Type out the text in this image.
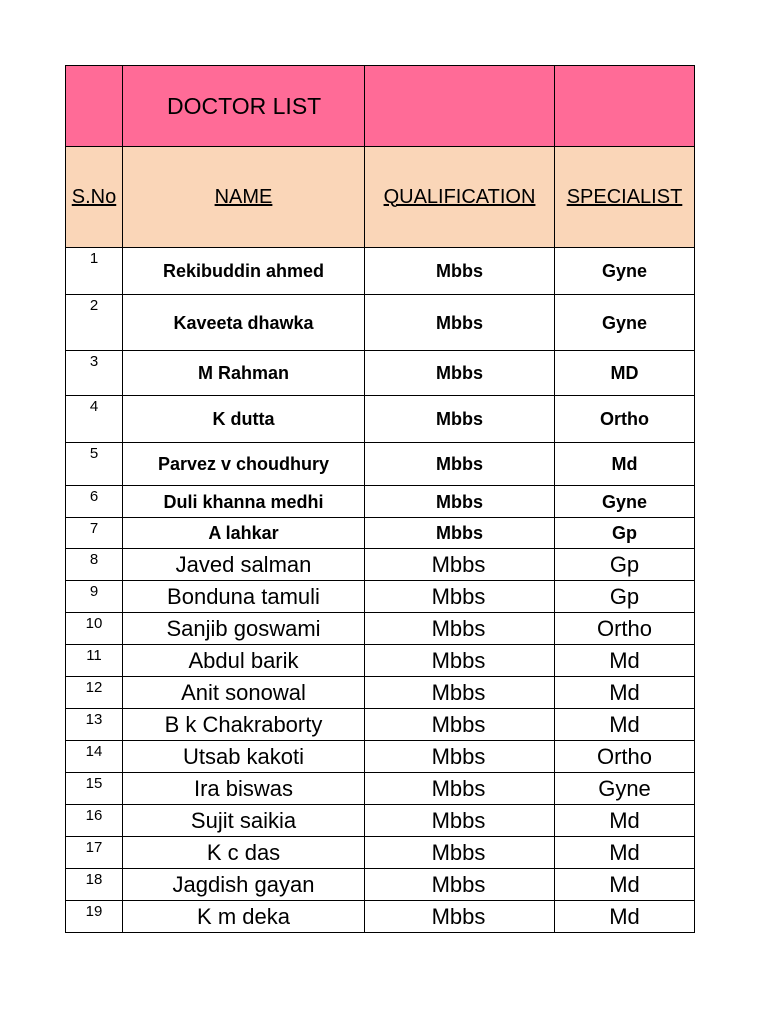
	DOCTOR LIST		
S.No	NAME	QUALIFICATION	SPECIALIST
1	Rekibuddin ahmed	Mbbs	Gyne
2	Kaveeta dhawka	Mbbs	Gyne
3	M Rahman	Mbbs	MD
4	K dutta	Mbbs	Ortho
5	Parvez v choudhury	Mbbs	Md
6	Duli khanna medhi	Mbbs	Gyne
7	A lahkar	Mbbs	Gp
8	Javed salman	Mbbs	Gp
9	Bonduna tamuli	Mbbs	Gp
10	Sanjib goswami	Mbbs	Ortho
11	Abdul barik	Mbbs	Md
12	Anit sonowal	Mbbs	Md
13	B k Chakraborty	Mbbs	Md
14	Utsab kakoti	Mbbs	Ortho
15	Ira biswas	Mbbs	Gyne
16	Sujit saikia	Mbbs	Md
17	K c das	Mbbs	Md
18	Jagdish gayan	Mbbs	Md
19	K m deka	Mbbs	Md
